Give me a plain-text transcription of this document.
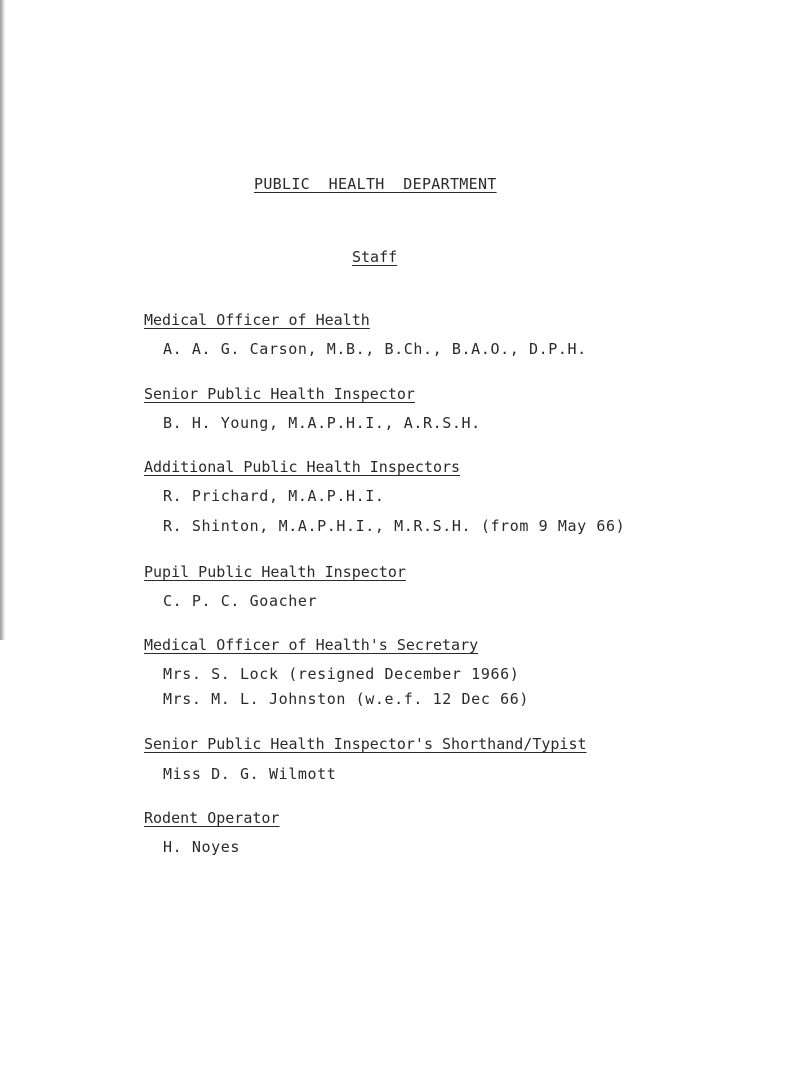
PUBLIC  HEALTH  DEPARTMENT
Staff
Medical Officer of Health
A. A. G. Carson, M.B., B.Ch., B.A.O., D.P.H.
Senior Public Health Inspector
B. H. Young, M.A.P.H.I., A.R.S.H.
Additional Public Health Inspectors
R. Prichard, M.A.P.H.I.
R. Shinton, M.A.P.H.I., M.R.S.H. (from 9 May 66)
Pupil Public Health Inspector
C. P. C. Goacher
Medical Officer of Health's Secretary
Mrs. S. Lock (resigned December 1966)
Mrs. M. L. Johnston (w.e.f. 12 Dec 66)
Senior Public Health Inspector's Shorthand/Typist
Miss D. G. Wilmott
Rodent Operator
H. Noyes
